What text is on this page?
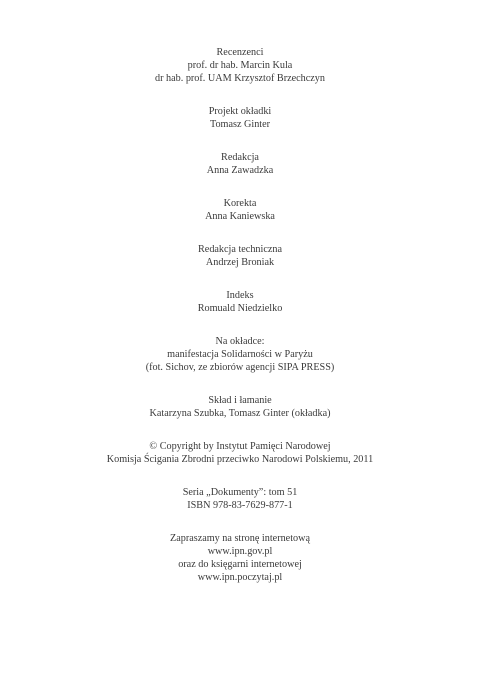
Recenzenci
prof. dr hab. Marcin Kula
dr hab. prof. UAM Krzysztof Brzechczyn
Projekt okładki
Tomasz Ginter
Redakcja
Anna Zawadzka
Korekta
Anna Kaniewska
Redakcja techniczna
Andrzej Broniak
Indeks
Romuald Niedzielko
Na okładce:
manifestacja Solidarności w Paryżu
(fot. Sichov, ze zbiorów agencji SIPA PRESS)
Skład i łamanie
Katarzyna Szubka, Tomasz Ginter (okładka)
© Copyright by Instytut Pamięci Narodowej
Komisja Ścigania Zbrodni przeciwko Narodowi Polskiemu, 2011
Seria „Dokumenty”: tom 51
ISBN 978-83-7629-877-1
Zapraszamy na stronę internetową
www.ipn.gov.pl
oraz do księgarni internetowej
www.ipn.poczytaj.pl
